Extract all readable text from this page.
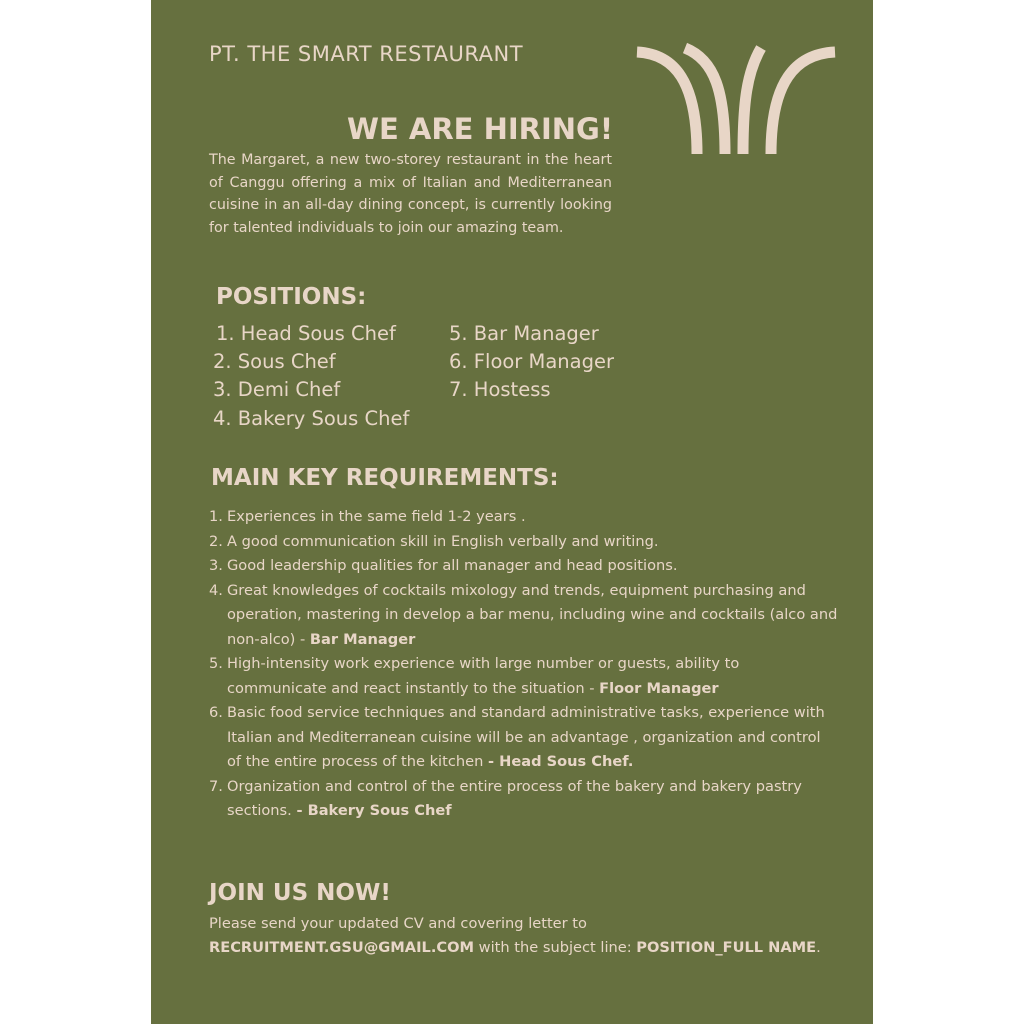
PT. THE SMART RESTAURANT
WE ARE HIRING!
The Margaret, a new two-storey restaurant in the heart of Canggu offering a mix of Italian and Mediterranean cuisine in an all-day dining concept, is currently looking for talented individuals to join our amazing team.
POSITIONS:
1. Head Sous Chef
2. Sous Chef
3. Demi Chef
4. Bakery Sous Chef
5. Bar Manager
6. Floor Manager
7. Hostess
MAIN KEY REQUIREMENTS:
1. Experiences in the same field 1-2 years .
2. A good communication skill in English verbally and writing.
3. Good leadership qualities for all manager and head positions.
4. Great knowledges of cocktails mixology and trends, equipment purchasing and operation, mastering in develop a bar menu, including wine and cocktails (alco and non-alco) - Bar Manager
5. High-intensity work experience with large number or guests, ability to communicate and react instantly to the situation - Floor Manager
6. Basic food service techniques and standard administrative tasks, experience with Italian and Mediterranean cuisine will be an advantage , organization and control of the entire process of the kitchen - Head Sous Chef.
7. Organization and control of the entire process of the bakery and bakery pastry sections. - Bakery Sous Chef
JOIN US NOW!
Please send your updated CV and covering letter to
RECRUITMENT.GSU@GMAIL.COM with the subject line: POSITION_FULL NAME.
